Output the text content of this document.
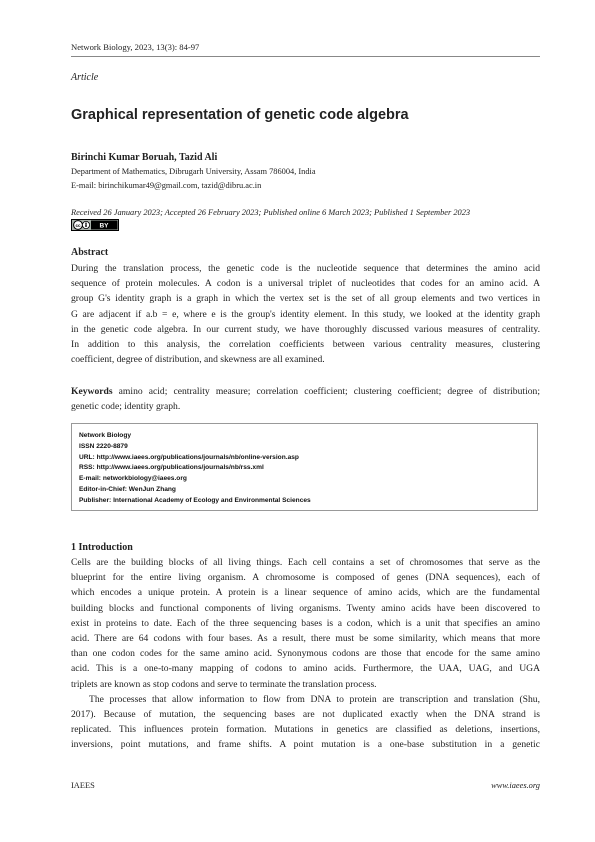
Network Biology, 2023, 13(3): 84-97
Article
Graphical representation of genetic code algebra
Birinchi Kumar Boruah, Tazid Ali
Department of Mathematics, Dibrugarh University, Assam 786004, India
E-mail: birinchikumar49@gmail.com, tazid@dibru.ac.in
Received 26 January 2023; Accepted 26 February 2023; Published online 6 March 2023; Published 1 September 2023
cc	BY
Abstract
During the translation process, the genetic code is the nucleotide sequence that determines the amino acid
sequence of protein molecules. A codon is a universal triplet of nucleotides that codes for an amino acid. A
group G's identity graph is a graph in which the vertex set is the set of all group elements and two vertices in
G are adjacent if a.b = e, where e is the group's identity element. In this study, we looked at the identity graph
in the genetic code algebra. In our current study, we have thoroughly discussed various measures of centrality.
In addition to this analysis, the correlation coefficients between various centrality measures, clustering
coefficient, degree of distribution, and skewness are all examined.
Keywords amino acid; centrality measure; correlation coefficient; clustering coefficient; degree of distribution;
genetic code; identity graph.
Network Biology
ISSN 2220-8879
URL: http://www.iaees.org/publications/journals/nb/online-version.asp
RSS: http://www.iaees.org/publications/journals/nb/rss.xml
E-mail: networkbiology@iaees.org
Editor-in-Chief: WenJun Zhang
Publisher: International Academy of Ecology and Environmental Sciences
1 Introduction
Cells are the building blocks of all living things. Each cell contains a set of chromosomes that serve as the
blueprint for the entire living organism. A chromosome is composed of genes (DNA sequences), each of
which encodes a unique protein. A protein is a linear sequence of amino acids, which are the fundamental
building blocks and functional components of living organisms. Twenty amino acids have been discovered to
exist in proteins to date. Each of the three sequencing bases is a codon, which is a unit that specifies an amino
acid. There are 64 codons with four bases. As a result, there must be some similarity, which means that more
than one codon codes for the same amino acid. Synonymous codons are those that encode for the same amino
acid. This is a one-to-many mapping of codons to amino acids. Furthermore, the UAA, UAG, and UGA
triplets are known as stop codons and serve to terminate the translation process.
The processes that allow information to flow from DNA to protein are transcription and translation (Shu,
2017). Because of mutation, the sequencing bases are not duplicated exactly when the DNA strand is
replicated. This influences protein formation. Mutations in genetics are classified as deletions, insertions,
inversions, point mutations, and frame shifts. A point mutation is a one-base substitution in a genetic
IAEES	www.iaees.org
